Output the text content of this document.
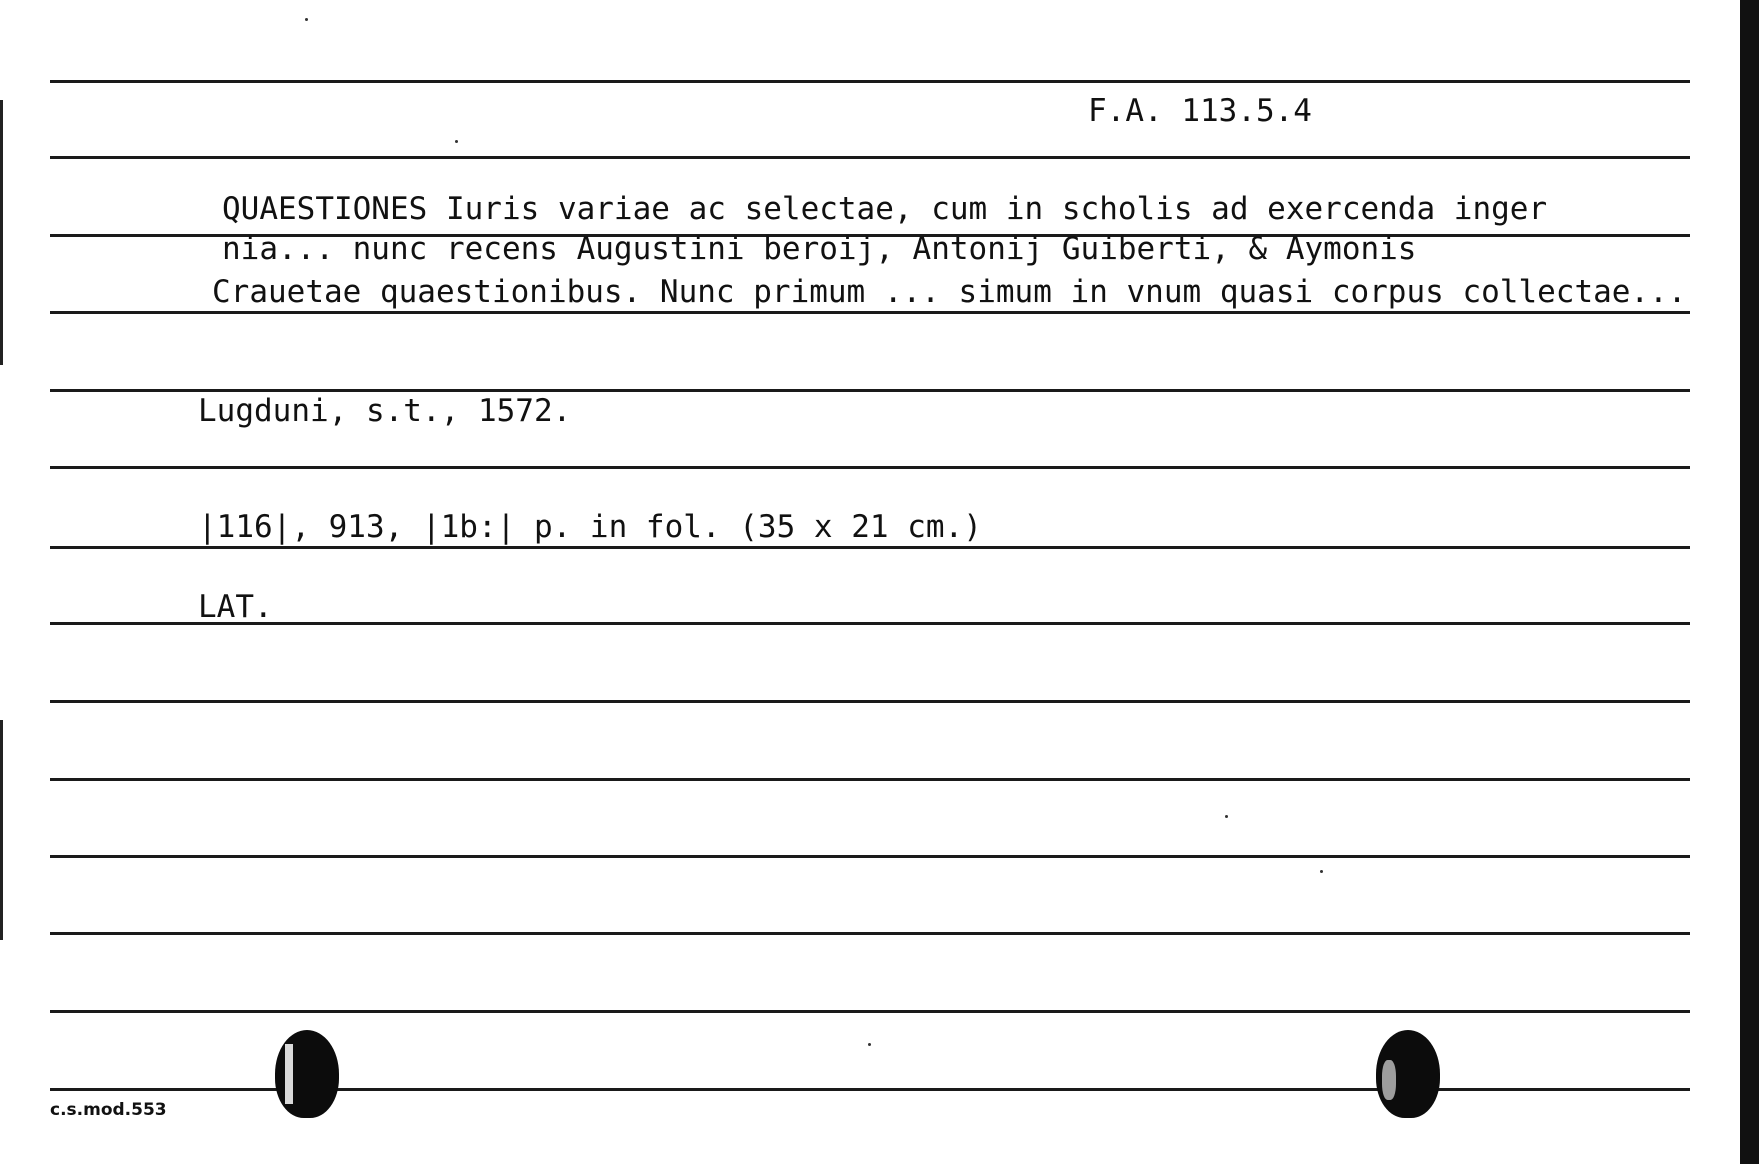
F.A. 113.5.4
QUAESTIONES Iuris variae ac selectae, cum in scholis ad exercenda inger
nia... nunc recens Augustini beroij, Antonij Guiberti, & Aymonis
Crauetae quaestionibus. Nunc primum ... simum in vnum quasi corpus collectae...
Lugduni, s.t., 1572.
|116|, 913, |1b:| p. in fol. (35 x 21 cm.)
LAT.
c.s.mod.553
